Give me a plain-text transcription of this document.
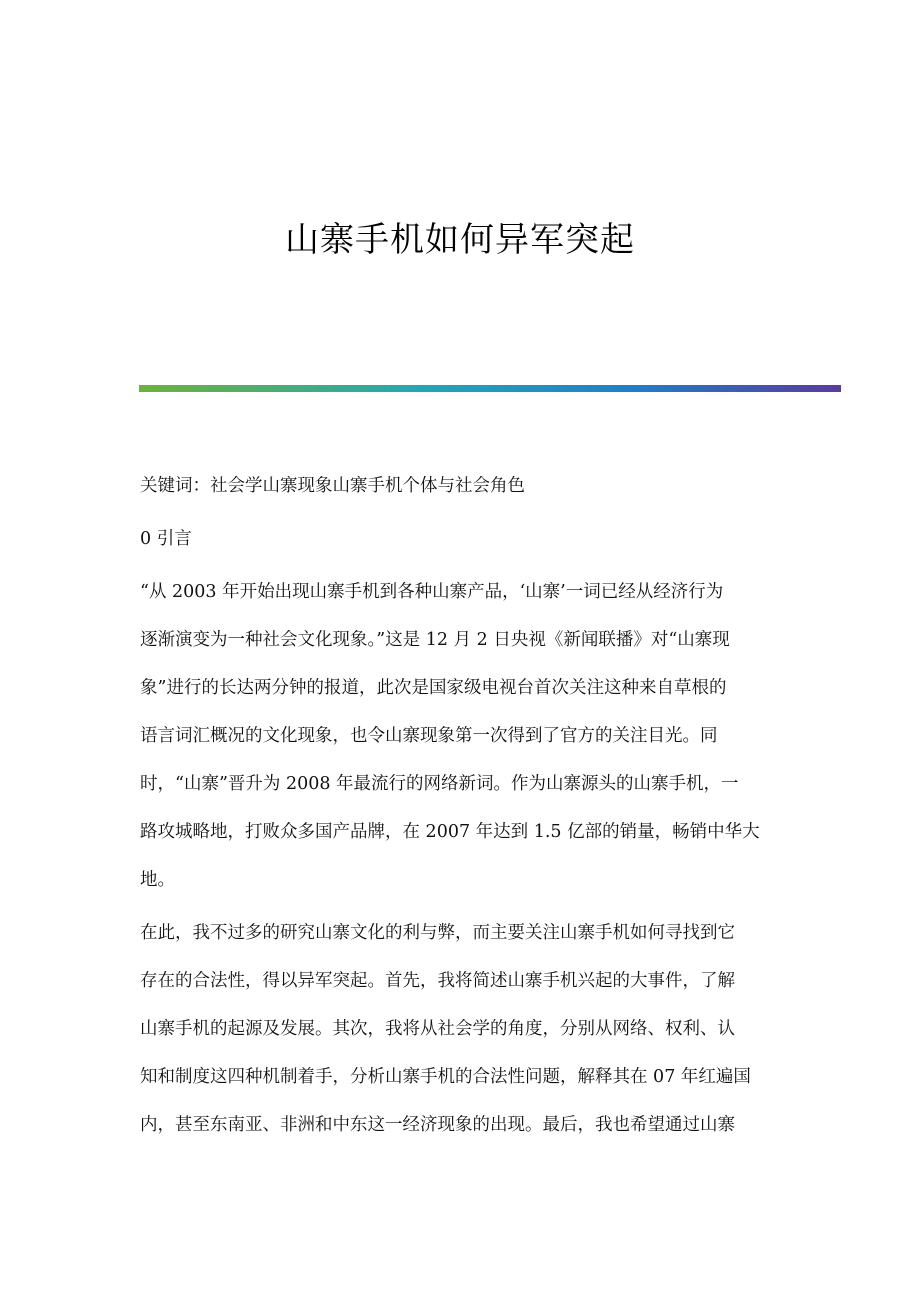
山寨手机如何异军突起
关键词：社会学山寨现象山寨手机个体与社会角色
0 引言
“从 2003 年开始出现山寨手机到各种山寨产品，‘山寨’一词已经从经济行为
逐渐演变为一种社会文化现象。”这是 12 月 2 日央视《新闻联播》对“山寨现
象”进行的长达两分钟的报道，此次是国家级电视台首次关注这种来自草根的
语言词汇概况的文化现象，也令山寨现象第一次得到了官方的关注目光。同
时，“山寨”晋升为 2008 年最流行的网络新词。作为山寨源头的山寨手机，一
路攻城略地，打败众多国产品牌，在 2007 年达到 1.5 亿部的销量，畅销中华大
地。
在此，我不过多的研究山寨文化的利与弊，而主要关注山寨手机如何寻找到它
存在的合法性，得以异军突起。首先，我将简述山寨手机兴起的大事件，了解
山寨手机的起源及发展。其次，我将从社会学的角度，分别从网络、权利、认
知和制度这四种机制着手，分析山寨手机的合法性问题，解释其在 07 年红遍国
内，甚至东南亚、非洲和中东这一经济现象的出现。最后，我也希望通过山寨
